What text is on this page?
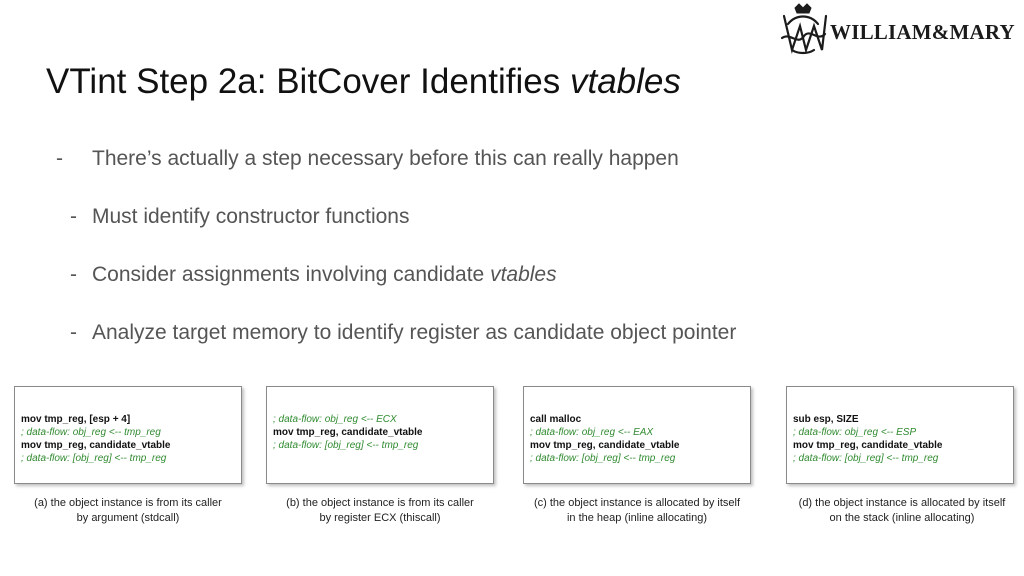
WILLIAM&MARY
VTint Step 2a: BitCover Identifies vtables
- There’s actually a step necessary before this can really happen
- Must identify constructor functions
- Consider assignments involving candidate vtables
- Analyze target memory to identify register as candidate object pointer
mov tmp_reg, [esp + 4]
; data-flow: obj_reg <-- tmp_reg
mov tmp_reg, candidate_vtable
; data-flow: [obj_reg] <-- tmp_reg
(a) the object instance is from its caller
by argument (stdcall)
; data-flow: obj_reg <-- ECX
mov tmp_reg, candidate_vtable
; data-flow: [obj_reg] <-- tmp_reg
(b) the object instance is from its caller
by register ECX (thiscall)
call malloc
; data-flow: obj_reg <-- EAX
mov tmp_reg, candidate_vtable
; data-flow: [obj_reg] <-- tmp_reg
(c) the object instance is allocated by itself
in the heap (inline allocating)
sub esp, SIZE
; data-flow: obj_reg <-- ESP
mov tmp_reg, candidate_vtable
; data-flow: [obj_reg] <-- tmp_reg
(d) the object instance is allocated by itself
on the stack (inline allocating)
